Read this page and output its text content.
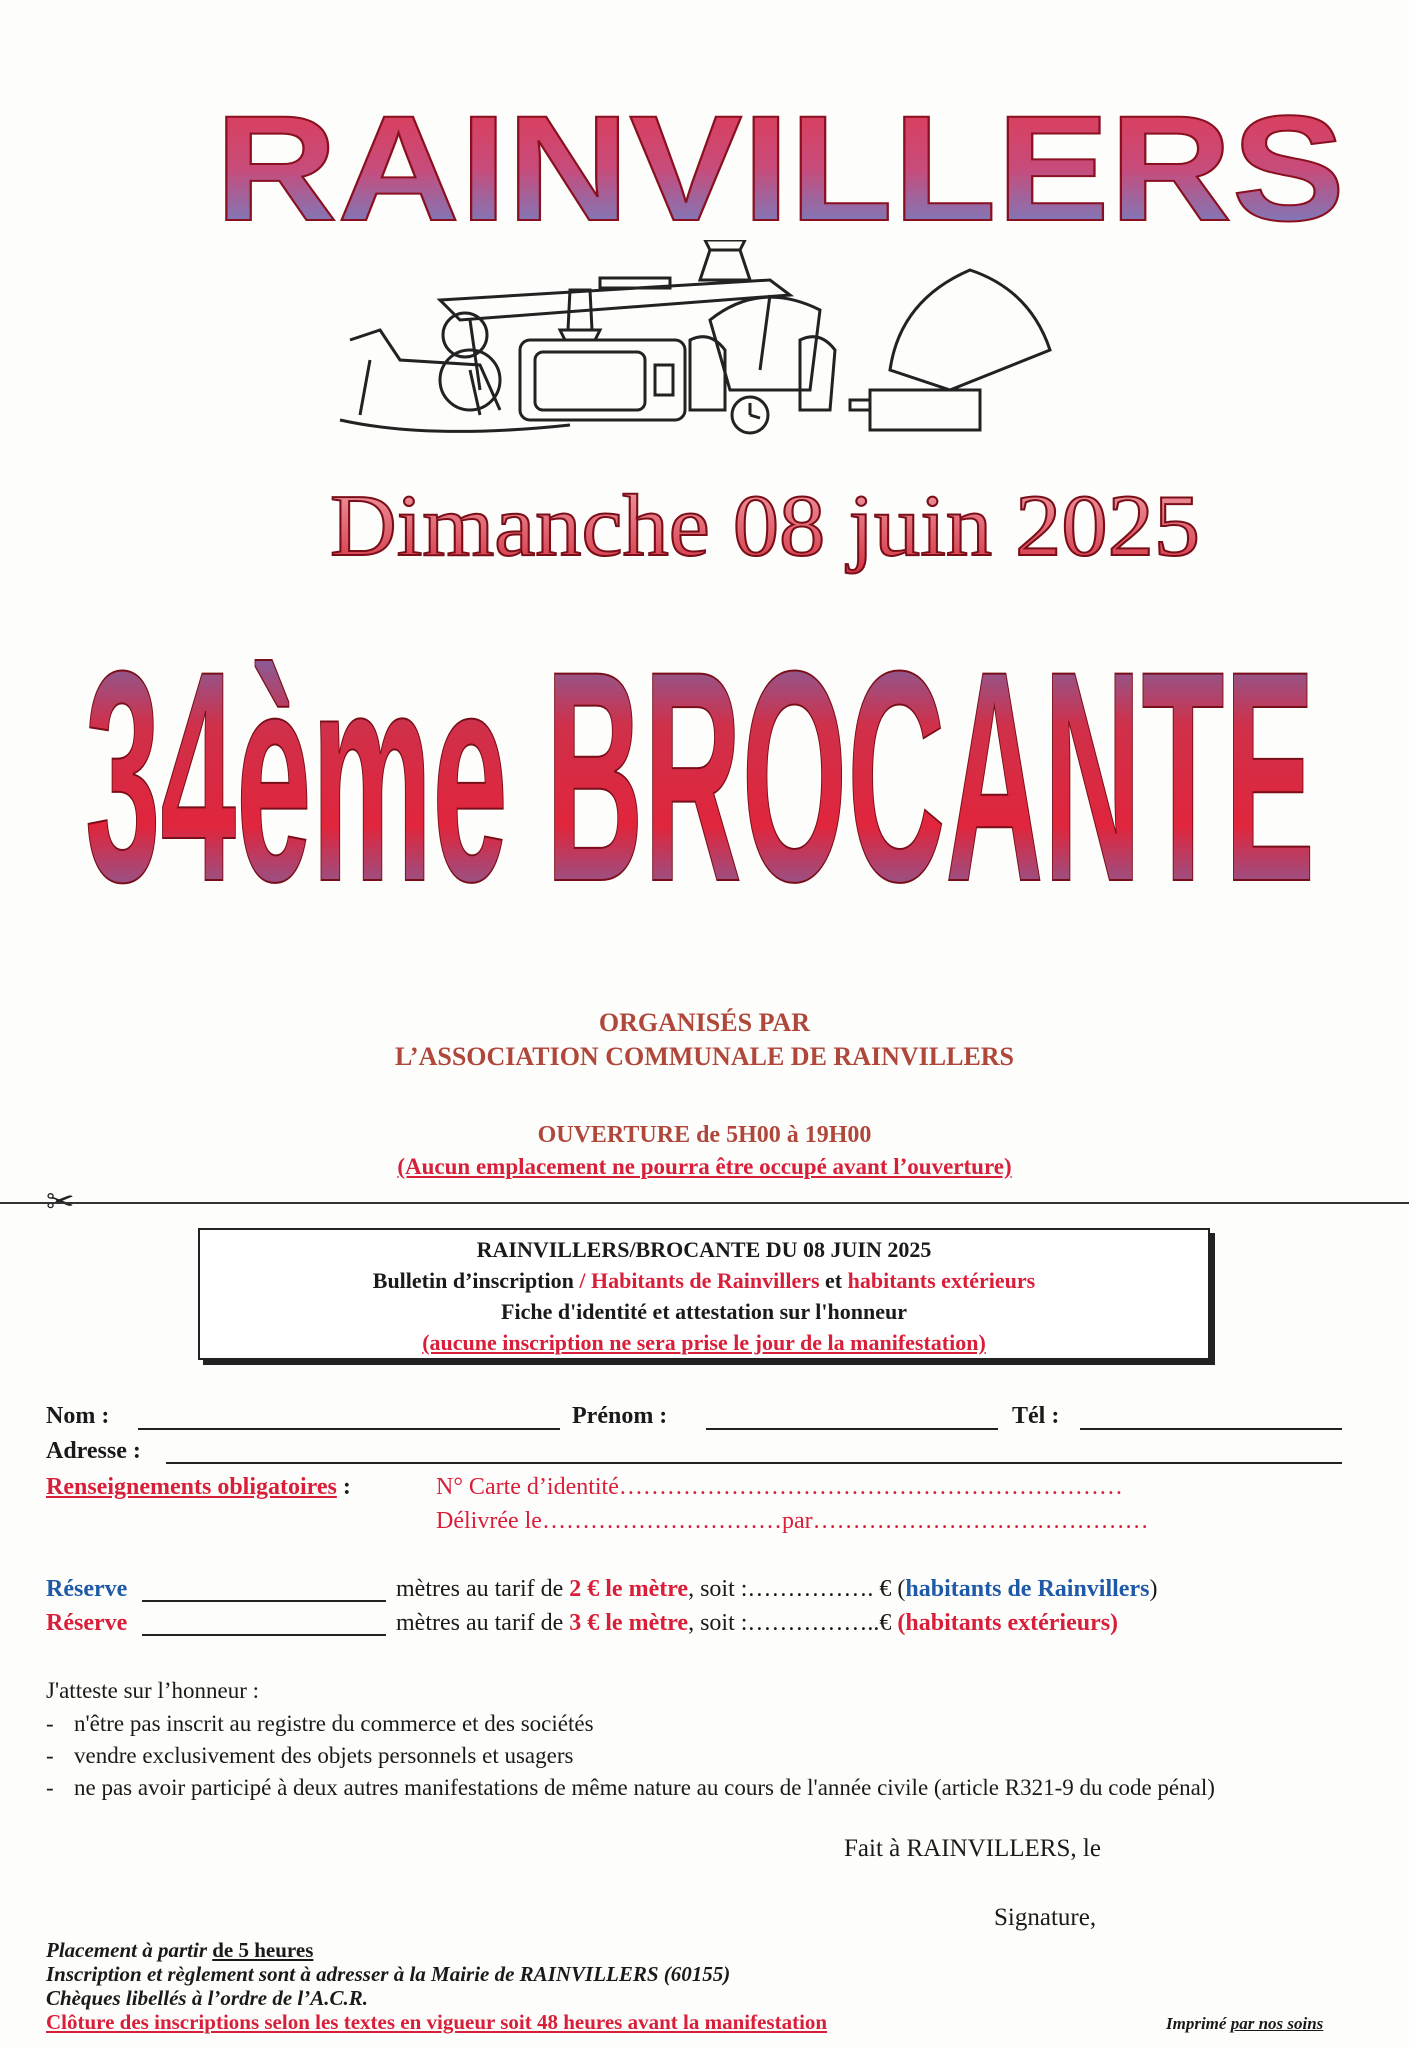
RAINVILLERS
Dimanche 08 juin 2025
34ème BROCANTE
ORGANISÉS PAR
L’ASSOCIATION COMMUNALE DE RAINVILLERS
OUVERTURE de 5H00 à 19H00
(Aucun emplacement ne pourra être occupé avant l’ouverture)
✂
RAINVILLERS/BROCANTE DU 08 JUIN 2025
Bulletin d’inscription / Habitants de Rainvillers et habitants extérieurs
Fiche d'identité et attestation sur l'honneur
(aucune inscription ne sera prise le jour de la manifestation)
Nom :	Prénom :	Tél :
Adresse :
Renseignements obligatoires :	N° Carte d’identité………………………………………………………
Délivrée le…………………………par……………………………………
Réserve	mètres au tarif de 2 € le mètre, soit :……………. € (habitants de Rainvillers)
Réserve	mètres au tarif de 3 € le mètre, soit :……………..€ (habitants extérieurs)
J'atteste sur l’honneur :
- n'être pas inscrit au registre du commerce et des sociétés
- vendre exclusivement des objets personnels et usagers
- ne pas avoir participé à deux autres manifestations de même nature au cours de l'année civile (article R321-9 du code pénal)
Fait à RAINVILLERS, le
Signature,
Placement à partir de 5 heures
Inscription et règlement sont à adresser à la Mairie de RAINVILLERS (60155)
Chèques libellés à l’ordre de l’A.C.R.
Clôture des inscriptions selon les textes en vigueur soit 48 heures avant la manifestation	Imprimé par nos soins
